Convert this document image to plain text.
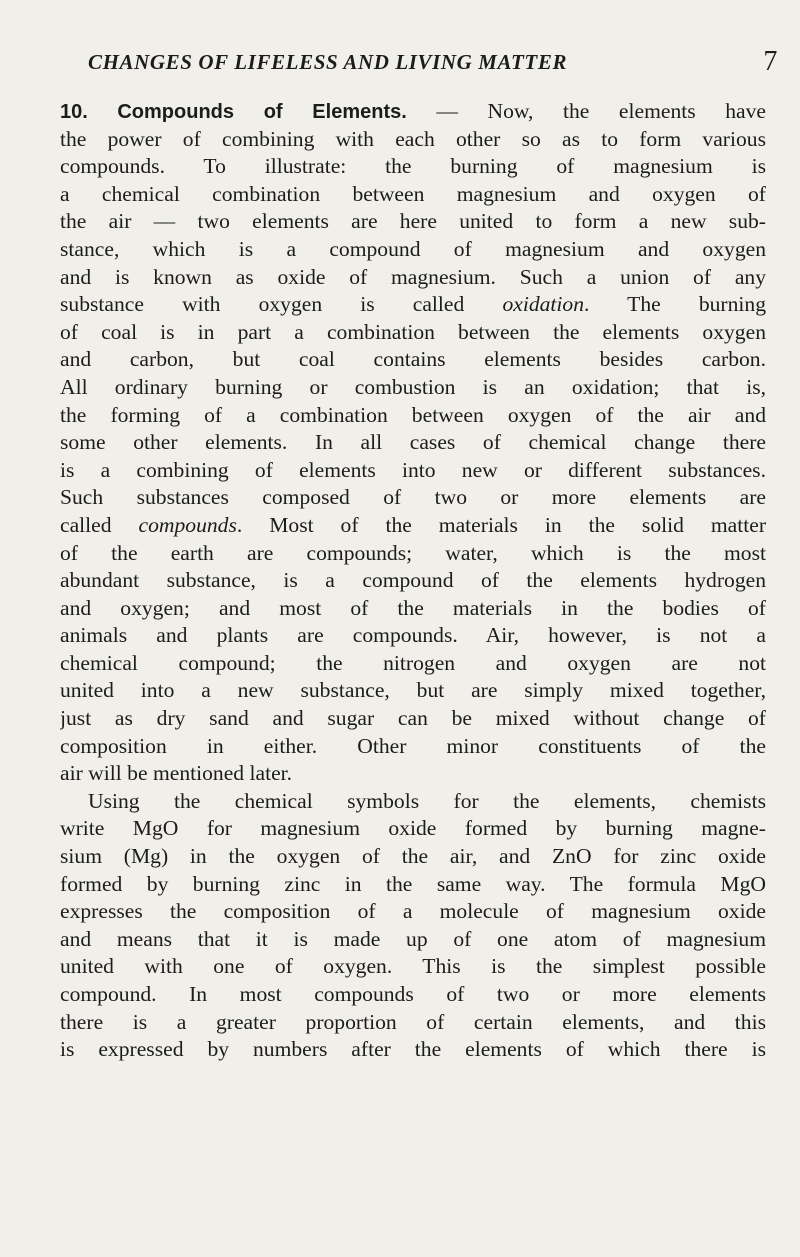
CHANGES OF LIFELESS AND LIVING MATTER	7
10. Compounds of Elements. — Now, the elements have
the power of combining with each other so as to form various
compounds. To illustrate: the burning of magnesium is
a chemical combination between magnesium and oxygen of
the air — two elements are here united to form a new sub-
stance, which is a compound of magnesium and oxygen
and is known as oxide of magnesium. Such a union of any
substance with oxygen is called oxidation. The burning
of coal is in part a combination between the elements oxygen
and carbon, but coal contains elements besides carbon.
All ordinary burning or combustion is an oxidation; that is,
the forming of a combination between oxygen of the air and
some other elements. In all cases of chemical change there
is a combining of elements into new or different substances.
Such substances composed of two or more elements are
called compounds. Most of the materials in the solid matter
of the earth are compounds; water, which is the most
abundant substance, is a compound of the elements hydrogen
and oxygen; and most of the materials in the bodies of
animals and plants are compounds. Air, however, is not a
chemical compound; the nitrogen and oxygen are not
united into a new substance, but are simply mixed together,
just as dry sand and sugar can be mixed without change of
composition in either. Other minor constituents of the
air will be mentioned later.
Using the chemical symbols for the elements, chemists
write MgO for magnesium oxide formed by burning magne-
sium (Mg) in the oxygen of the air, and ZnO for zinc oxide
formed by burning zinc in the same way. The formula MgO
expresses the composition of a molecule of magnesium oxide
and means that it is made up of one atom of magnesium
united with one of oxygen. This is the simplest possible
compound. In most compounds of two or more elements
there is a greater proportion of certain elements, and this
is expressed by numbers after the elements of which there is
